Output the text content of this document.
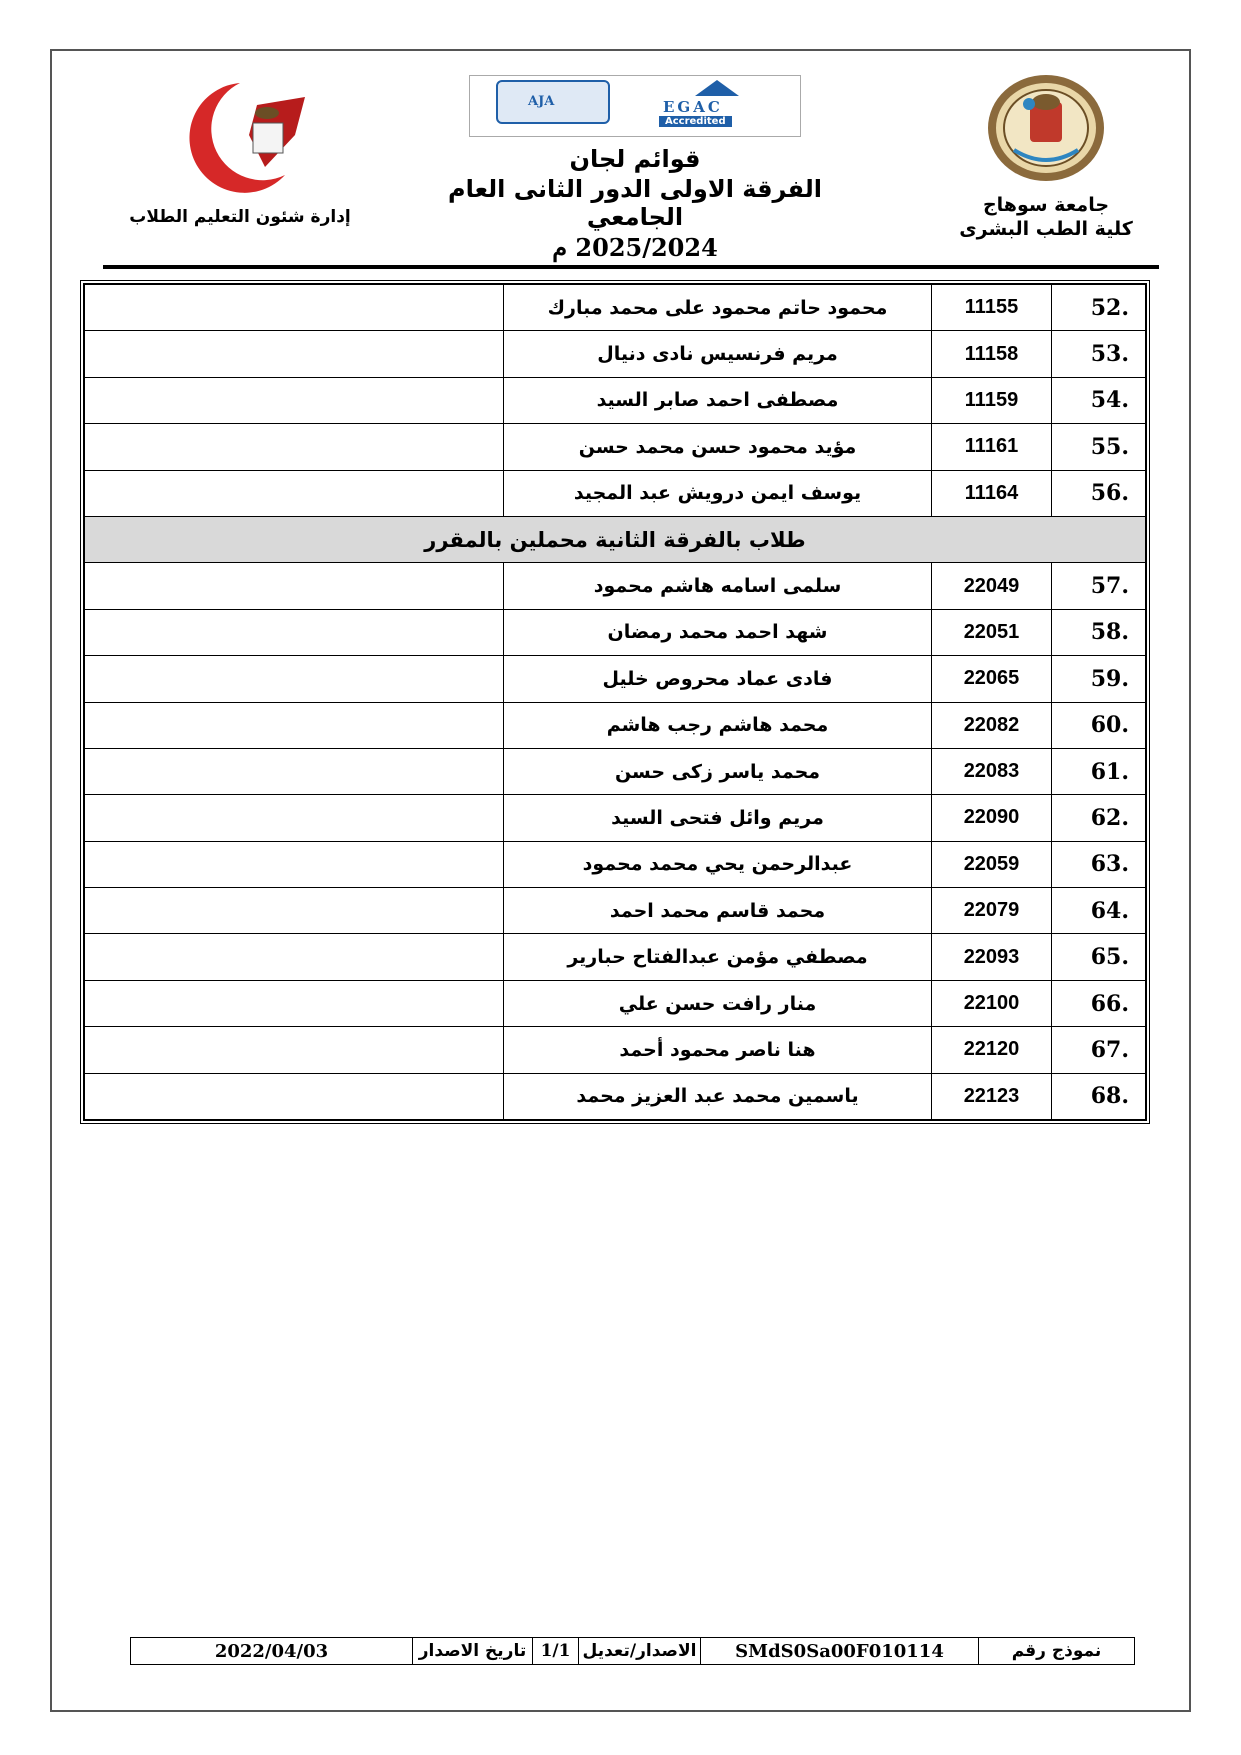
جامعة سوهاج
كلية الطب البشرى
EGAC
Accredited
AJA
قوائم لجان
الفرقة الاولى الدور الثانى العام الجامعي
2025/2024 م
إدارة شئون التعليم الطلاب
.52	11155	محمود حاتم محمود على محمد مبارك	
.53	11158	مريم فرنسيس نادى دنيال	
.54	11159	مصطفى احمد صابر السيد	
.55	11161	مؤيد محمود حسن محمد حسن	
.56	11164	يوسف ايمن درويش عبد المجيد	
طلاب بالفرقة الثانية محملين بالمقرر			
.57	22049	سلمى اسامه هاشم محمود	
.58	22051	شهد احمد محمد رمضان	
.59	22065	فادى عماد محروص خليل	
.60	22082	محمد هاشم رجب هاشم	
.61	22083	محمد ياسر زكى حسن	
.62	22090	مريم وائل فتحى السيد	
.63	22059	عبدالرحمن يحي محمد محمود	
.64	22079	محمد قاسم محمد احمد	
.65	22093	مصطفي مؤمن عبدالفتاح حبارير	
.66	22100	منار رافت حسن علي	
.67	22120	هنا ناصر محمود أحمد	
.68	22123	ياسمين محمد عبد العزيز محمد	
نموذج رقم
SMdS0Sa00F010114
الاصدار/تعديل
1/1
تاريخ الاصدار
2022/04/03
